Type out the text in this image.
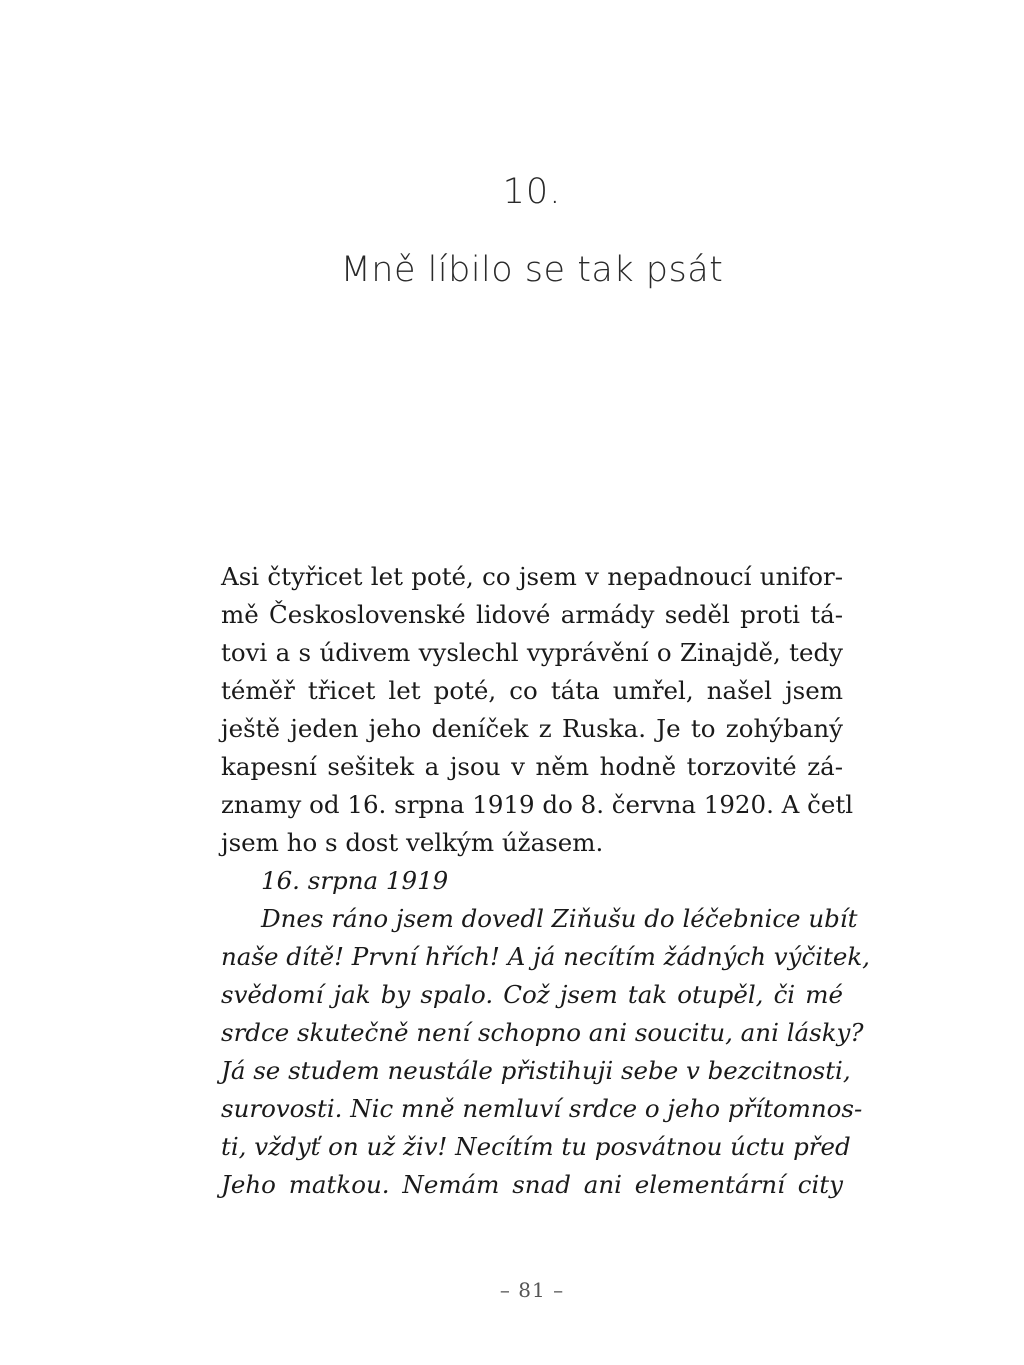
10.
Mně líbilo se tak psát
Asi čtyřicet let poté, co jsem v nepadnoucí unifor-
mě Československé lidové armády seděl proti tá-
tovi a s údivem vyslechl vyprávění o Zinajdě, tedy
téměř třicet let poté, co táta umřel, našel jsem
ještě jeden jeho deníček z Ruska. Je to zohýbaný
kapesní sešitek a jsou v něm hodně torzovité zá-
znamy od 16. srpna 1919 do 8. června 1920. A četl
jsem ho s dost velkým úžasem.
16. srpna 1919
Dnes ráno jsem dovedl Ziňušu do léčebnice ubít
naše dítě! První hřích! A já necítím žádných výčitek,
svědomí jak by spalo. Což jsem tak otupěl, či mé
srdce skutečně není schopno ani soucitu, ani lásky?
Já se studem neustále přistihuji sebe v bezcitnosti,
surovosti. Nic mně nemluví srdce o jeho přítomnos-
ti, vždyť on už živ! Necítím tu posvátnou úctu před
Jeho matkou. Nemám snad ani elementární city
– 81 –
